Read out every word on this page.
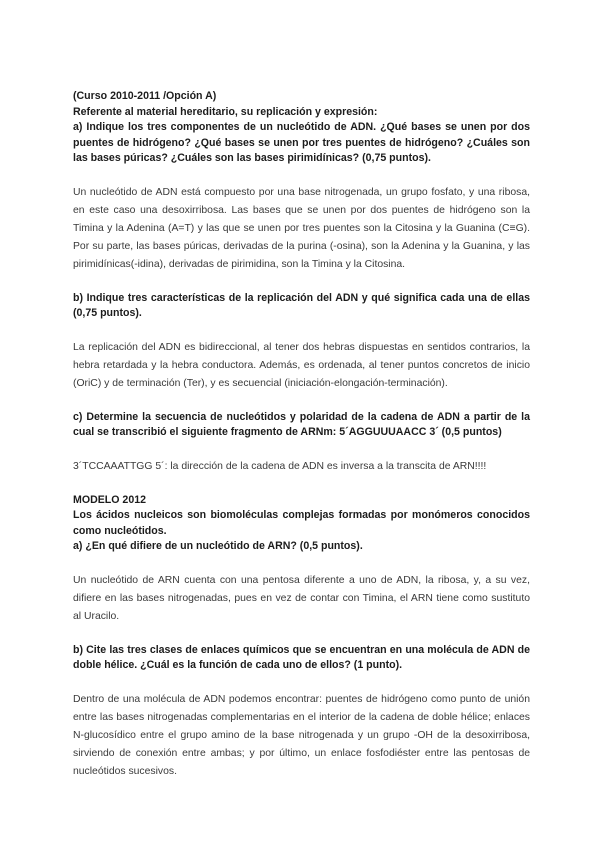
(Curso 2010-2011 /Opción A)

Referente al material hereditario, su replicación y expresión:

a) Indique los tres componentes de un nucleótido de ADN. ¿Qué bases se unen por dos puentes de hidrógeno? ¿Qué bases se unen por tres puentes de hidrógeno? ¿Cuáles son las bases púricas? ¿Cuáles son las bases pirimidínicas? (0,75 puntos).

Un nucleótido de ADN está compuesto por una base nitrogenada, un grupo fosfato, y una ribosa, en este caso una desoxirribosa. Las bases que se unen por dos puentes de hidrógeno son la Timina y la Adenina (A=T) y las que se unen por tres puentes son la Citosina y la Guanina (C≡G). Por su parte, las bases púricas, derivadas de la purina (-osina), son la Adenina y la Guanina, y las pirimidínicas(-idina), derivadas de pirimidina, son la Timina y la Citosina.

b) Indique tres características de la replicación del ADN y qué significa cada una de ellas (0,75 puntos).

La replicación del ADN es bidireccional, al tener dos hebras dispuestas en sentidos contrarios, la hebra retardada y la hebra conductora. Además, es ordenada, al tener puntos concretos de inicio (OriC) y de terminación (Ter), y es secuencial (iniciación-elongación-terminación).

c) Determine la secuencia de nucleótidos y polaridad de la cadena de ADN a partir de la cual se transcribió el siguiente fragmento de ARNm: 5´AGGUUUAACC 3´ (0,5 puntos)

3´TCCAAATTGG 5´: la dirección de la cadena de ADN es inversa a la transcita de ARN!!!!

MODELO 2012

Los ácidos nucleicos son biomoléculas complejas formadas por monómeros conocidos como nucleótidos.

a) ¿En qué difiere de un nucleótido de ARN? (0,5 puntos).

Un nucleótido de ARN cuenta con una pentosa diferente a uno de ADN, la ribosa, y, a su vez, difiere en las bases nitrogenadas, pues en vez de contar con Timina, el ARN tiene como sustituto al Uracilo.

b) Cite las tres clases de enlaces químicos que se encuentran en una molécula de ADN de doble hélice. ¿Cuál es la función de cada uno de ellos? (1 punto).

Dentro de una molécula de ADN podemos encontrar: puentes de hidrógeno como punto de unión entre las bases nitrogenadas complementarias en el interior de la cadena de doble hélice; enlaces N-glucosídico entre el grupo amino de la base nitrogenada y un grupo -OH de la desoxirribosa, sirviendo de conexión entre ambas; y por último, un enlace fosfodiéster entre las pentosas de nucleótidos sucesivos.
